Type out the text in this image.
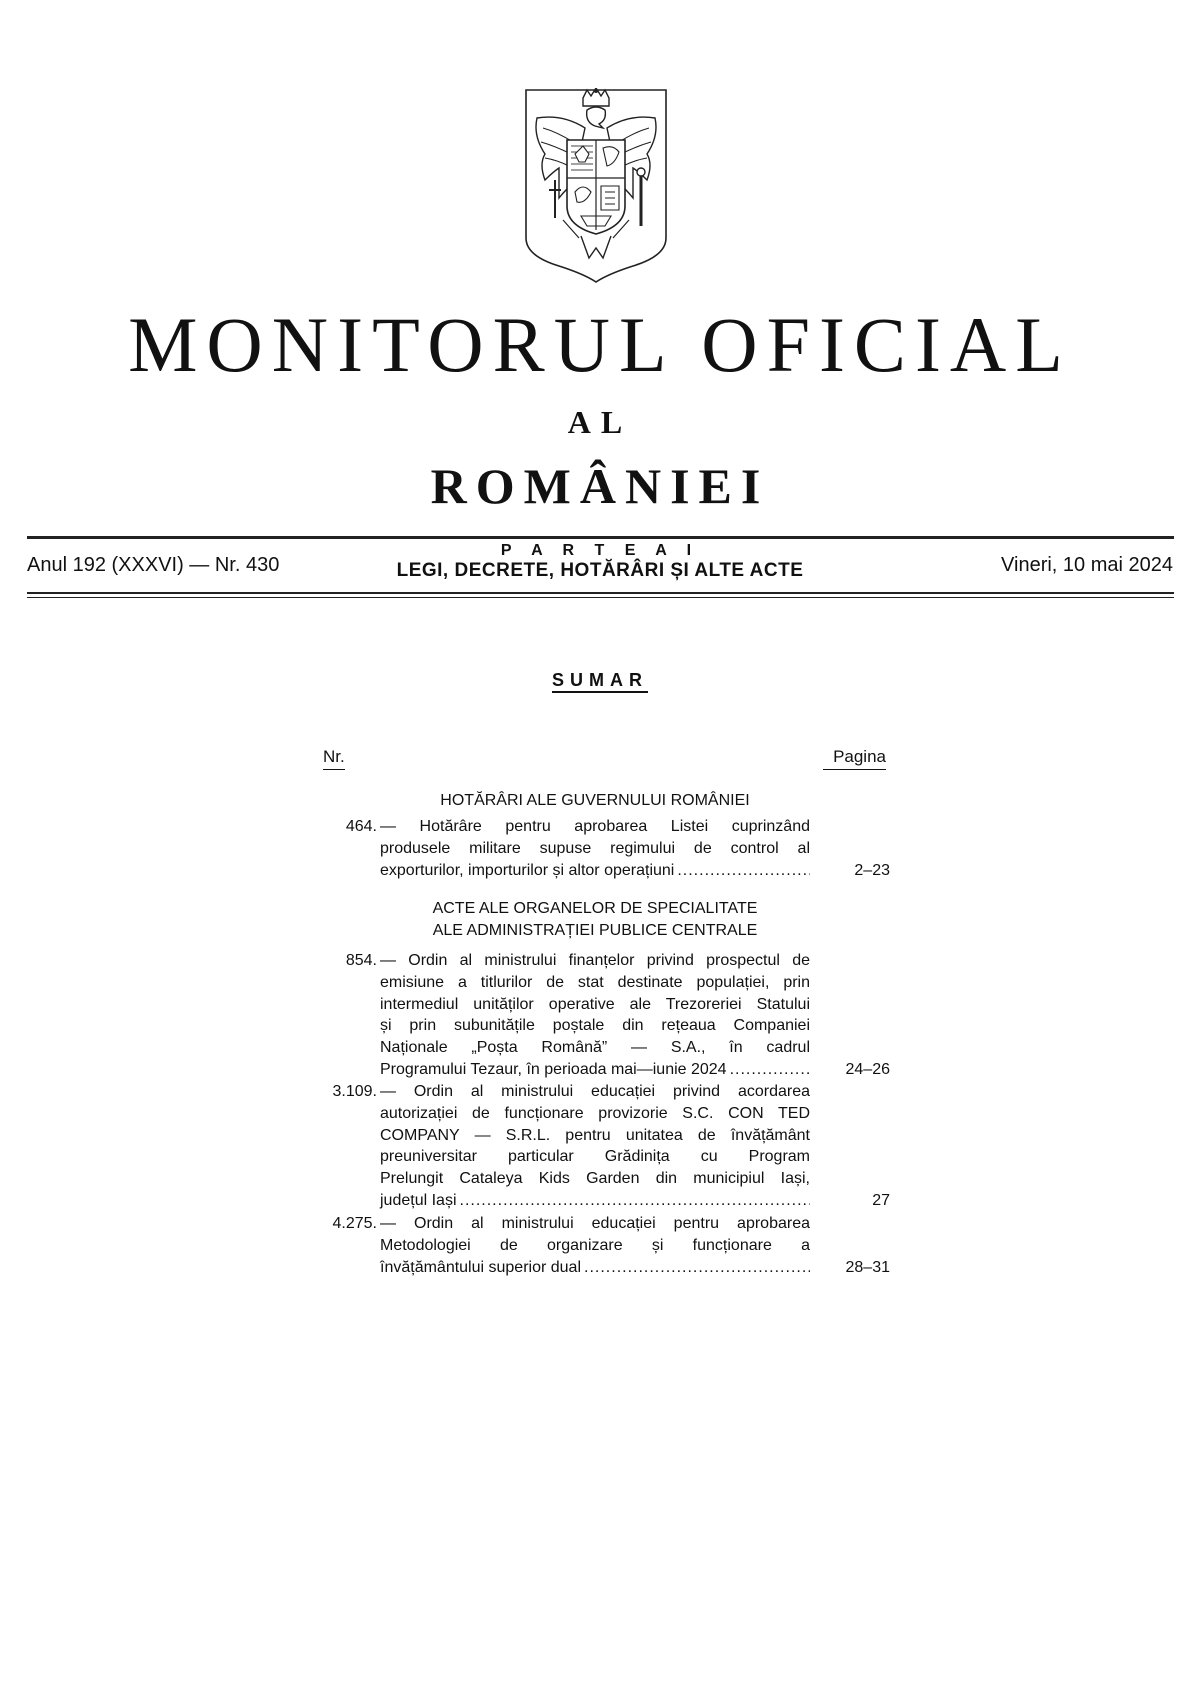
MONITORUL OFICIAL
AL
ROMÂNIEI
Anul 192 (XXXVI) — Nr. 430
P A R T E A I
LEGI, DECRETE, HOTĂRÂRI ȘI ALTE ACTE	Vineri, 10 mai 2024
SUMAR
Nr.	Pagina
HOTĂRÂRI ALE GUVERNULUI ROMÂNIEI
464. — Hotărâre pentru aprobarea Listei cuprinzând
produsele militare supuse regimului de control al
exporturilor, importurilor și altor operațiuni .....	2–23
ACTE ALE ORGANELOR DE SPECIALITATE
ALE ADMINISTRAȚIEI PUBLICE CENTRALE
854. — Ordin al ministrului finanțelor privind prospectul de
emisiune a titlurilor de stat destinate populației, prin
intermediul unităților operative ale Trezoreriei Statului
și prin subunitățile poștale din rețeaua Companiei
Naționale „Poșta Română” — S.A., în cadrul
Programului Tezaur, în perioada mai—iunie 2024 .....	24–26
3.109. — Ordin al ministrului educației privind acordarea
autorizației de funcționare provizorie S.C. CON TED
COMPANY — S.R.L. pentru unitatea de învățământ
preuniversitar particular Grădinița cu Program
Prelungit Cataleya Kids Garden din municipiul Iași,
județul Iași .....	27
4.275. — Ordin al ministrului educației pentru aprobarea
Metodologiei de organizare și funcționare a
învățământului superior dual .....	28–31
